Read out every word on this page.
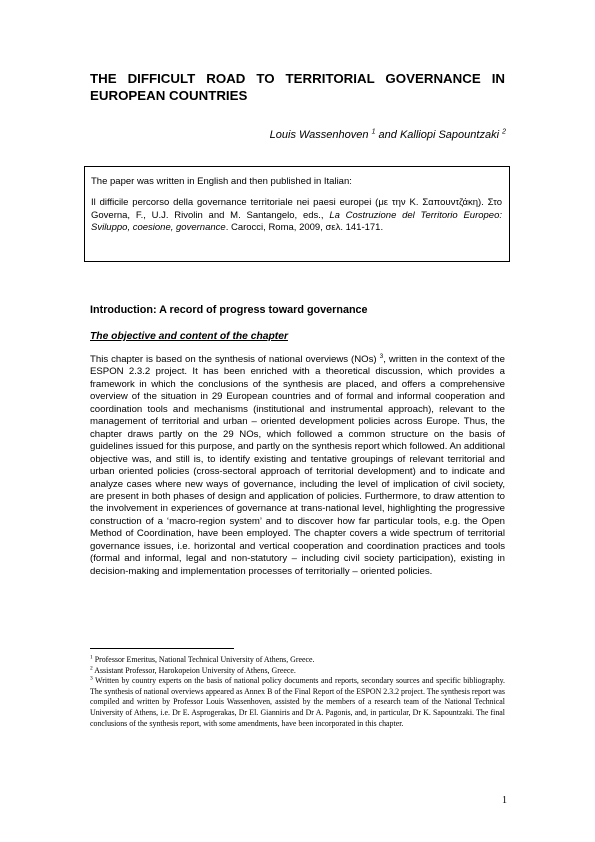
THE DIFFICULT ROAD TO TERRITORIAL GOVERNANCE IN EUROPEAN COUNTRIES
Louis Wassenhoven $^1$ and Kalliopi Sapountzaki $^2$

The paper was written in English and then published in Italian:

Il difficile percorso della governance territoriale nei paesi europei (με την Κ. Σαπουντζάκη). Στο Governa, F., U.J. Rivolin and M. Santangelo, eds., La Costruzione del Territorio Europeo: Sviluppo, coesione, governance. Carocci, Roma, 2009, σελ. 141-171.

Introduction: A record of progress toward governance
The objective and content of the chapter
This chapter is based on the synthesis of national overviews (NOs) $^3$, written in the context of the ESPON 2.3.2 project. It has been enriched with a theoretical discussion, which provides a framework in which the conclusions of the synthesis are placed, and offers a comprehensive overview of the situation in 29 European countries and of formal and informal cooperation and coordination tools and mechanisms (institutional and instrumental approach), relevant to the management of territorial and urban – oriented development policies across Europe. Thus, the chapter draws partly on the 29 NOs, which followed a common structure on the basis of guidelines issued for this purpose, and partly on the synthesis report which followed. An additional objective was, and still is, to identify existing and tentative groupings of relevant territorial and urban oriented policies (cross-sectoral approach of territorial development) and to indicate and analyze cases where new ways of governance, including the level of implication of civil society, are present in both phases of design and application of policies. Furthermore, to draw attention to the involvement in experiences of governance at trans-national level, highlighting the progressive construction of a ‘macro-region system’ and to discover how far particular tools, e.g. the Open Method of Coordination, have been employed. The chapter covers a wide spectrum of territorial governance issues, i.e. horizontal and vertical cooperation and coordination practices and tools (formal and informal, legal and non-statutory – including civil society participation), existing in decision-making and implementation processes of territorially – oriented policies.

$^1$ Professor Emeritus, National Technical University of Athens, Greece.

$^2$ Assistant Professor, Harokopeion University of Athens, Greece.

$^3$ Written by country experts on the basis of national policy documents and reports, secondary sources and specific bibliography. The synthesis of national overviews appeared as Annex B of the Final Report of the ESPON 2.3.2 project. The synthesis report was compiled and written by Professor Louis Wassenhoven, assisted by the members of a research team of the National Technical University of Athens, i.e. Dr E. Asprogerakas, Dr El. Gianniris and Dr A. Pagonis, and, in particular, Dr K. Sapountzaki. The final conclusions of the synthesis report, with some amendments, have been incorporated in this chapter.

1
